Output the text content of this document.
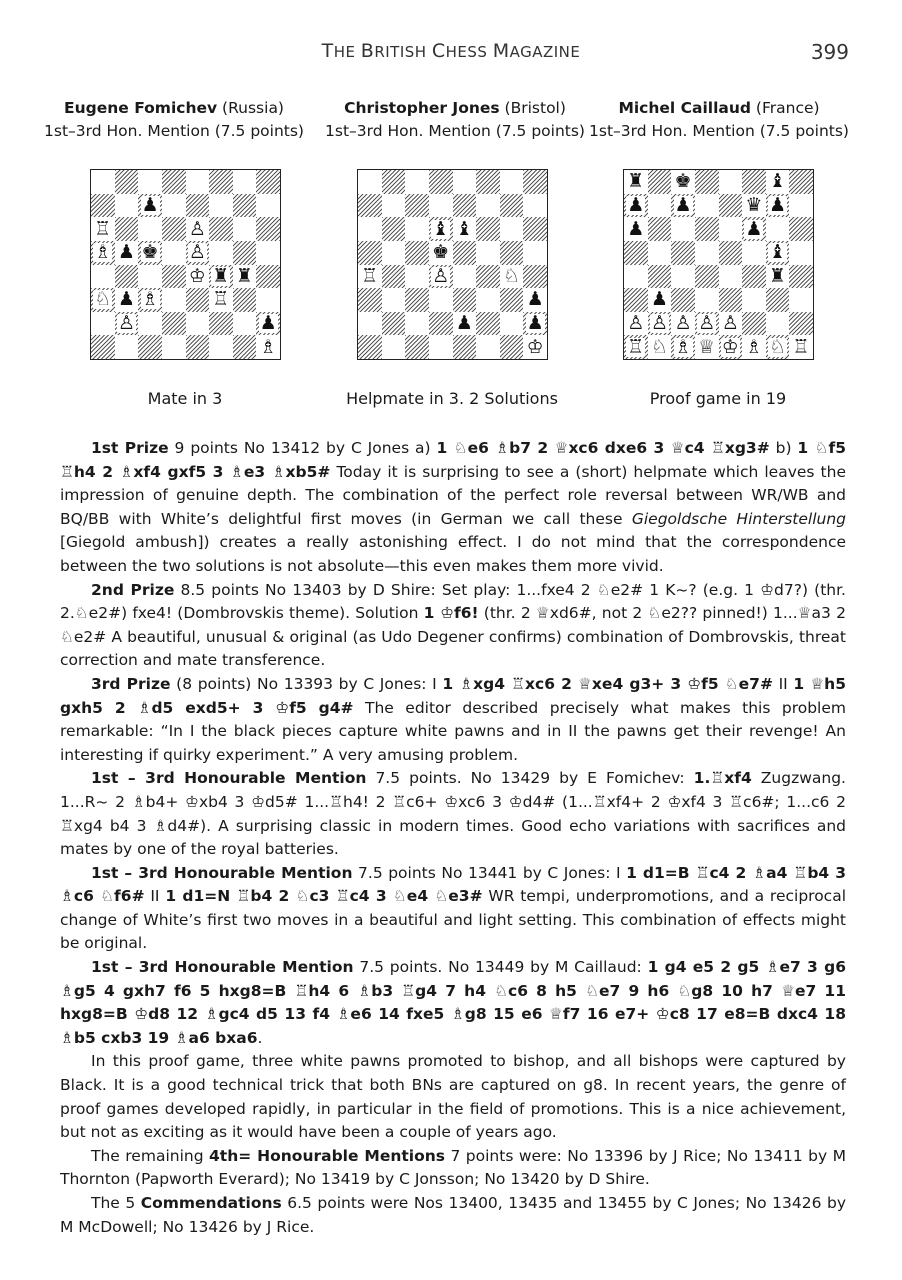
THE BRITISH CHESS MAGAZINE	399
Eugene Fomichev (Russia)
1st–3rd Hon. Mention (7.5 points)
Christopher Jones (Bristol)
1st–3rd Hon. Mention (7.5 points)
Michel Caillaud (France)
1st–3rd Hon. Mention (7.5 points)
♟
♖	♙
♗ ♟ ♚ ♙
♔ ♜ ♜
♘ ♟ ♗	♖
♙	♟
♗
♝ ♝
♚
♖	♙	♘
♟
♟	♟
♔
♜ ♚	♝
♟ ♟	♛ ♟
♟	♟
♝
♜
♟
♙ ♙ ♙ ♙ ♙
♖ ♘ ♗ ♕ ♔ ♗ ♘ ♖
Mate in 3	Helpmate in 3. 2 Solutions	Proof game in 19

1st Prize 9 points No 13412 by C Jones a) 1 ♘e6 ♗b7 2 ♕xc6 dxe6 3 ♕c4 ♖xg3# b) 1 ♘f5 ♖h4 2 ♗xf4 gxf5 3 ♗e3 ♗xb5# Today it is surprising to see a (short) helpmate which leaves the impression of genuine depth. The combination of the perfect role reversal between WR/WB and BQ/BB with White’s delightful first moves (in German we call these Giegoldsche Hinterstellung [Giegold ambush]) creates a really astonishing effect. I do not mind that the correspondence between the two solutions is not absolute—this even makes them more vivid.

2nd Prize 8.5 points No 13403 by D Shire: Set play: 1...fxe4 2 ♘e2# 1 K~? (e.g. 1 ♔d7?) (thr. 2.♘e2#) fxe4! (Dombrovskis theme). Solution 1 ♔f6! (thr. 2 ♕xd6#, not 2 ♘e2?? pinned!) 1...♕a3 2 ♘e2# A beautiful, unusual & original (as Udo Degener confirms) combination of Dombrovskis, threat correction and mate transference.

3rd Prize (8 points) No 13393 by C Jones: I 1 ♗xg4 ♖xc6 2 ♕xe4 g3+ 3 ♔f5 ♘e7# II 1 ♕h5 gxh5 2 ♗d5 exd5+ 3 ♔f5 g4# The editor described precisely what makes this problem remarkable: “In I the black pieces capture white pawns and in II the pawns get their revenge! An interesting if quirky experiment.” A very amusing problem.

1st – 3rd Honourable Mention 7.5 points. No 13429 by E Fomichev: 1.♖xf4 Zugzwang. 1...R~ 2 ♗b4+ ♔xb4 3 ♔d5# 1...♖h4! 2 ♖c6+ ♔xc6 3 ♔d4# (1...♖xf4+ 2 ♔xf4 3 ♖c6#; 1...c6 2 ♖xg4 b4 3 ♗d4#). A surprising classic in modern times. Good echo variations with sacrifices and mates by one of the royal batteries.

1st – 3rd Honourable Mention 7.5 points No 13441 by C Jones: I 1 d1=B ♖c4 2 ♗a4 ♖b4 3 ♗c6 ♘f6# II 1 d1=N ♖b4 2 ♘c3 ♖c4 3 ♘e4 ♘e3# WR tempi, underpromotions, and a reciprocal change of White’s first two moves in a beautiful and light setting. This combination of effects might be original.

1st – 3rd Honourable Mention 7.5 points. No 13449 by M Caillaud: 1 g4 e5 2 g5 ♗e7 3 g6 ♗g5 4 gxh7 f6 5 hxg8=B ♖h4 6 ♗b3 ♖g4 7 h4 ♘c6 8 h5 ♘e7 9 h6 ♘g8 10 h7 ♕e7 11 hxg8=B ♔d8 12 ♗gc4 d5 13 f4 ♗e6 14 fxe5 ♗g8 15 e6 ♕f7 16 e7+ ♔c8 17 e8=B dxc4 18 ♗b5 cxb3 19 ♗a6 bxa6.

In this proof game, three white pawns promoted to bishop, and all bishops were captured by Black. It is a good technical trick that both BNs are captured on g8. In recent years, the genre of proof games developed rapidly, in particular in the field of promotions. This is a nice achievement, but not as exciting as it would have been a couple of years ago.

The remaining 4th= Honourable Mentions 7 points were: No 13396 by J Rice; No 13411 by M Thornton (Papworth Everard); No 13419 by C Jonsson; No 13420 by D Shire.

The 5 Commendations 6.5 points were Nos 13400, 13435 and 13455 by C Jones; No 13426 by M McDowell; No 13426 by J Rice.
